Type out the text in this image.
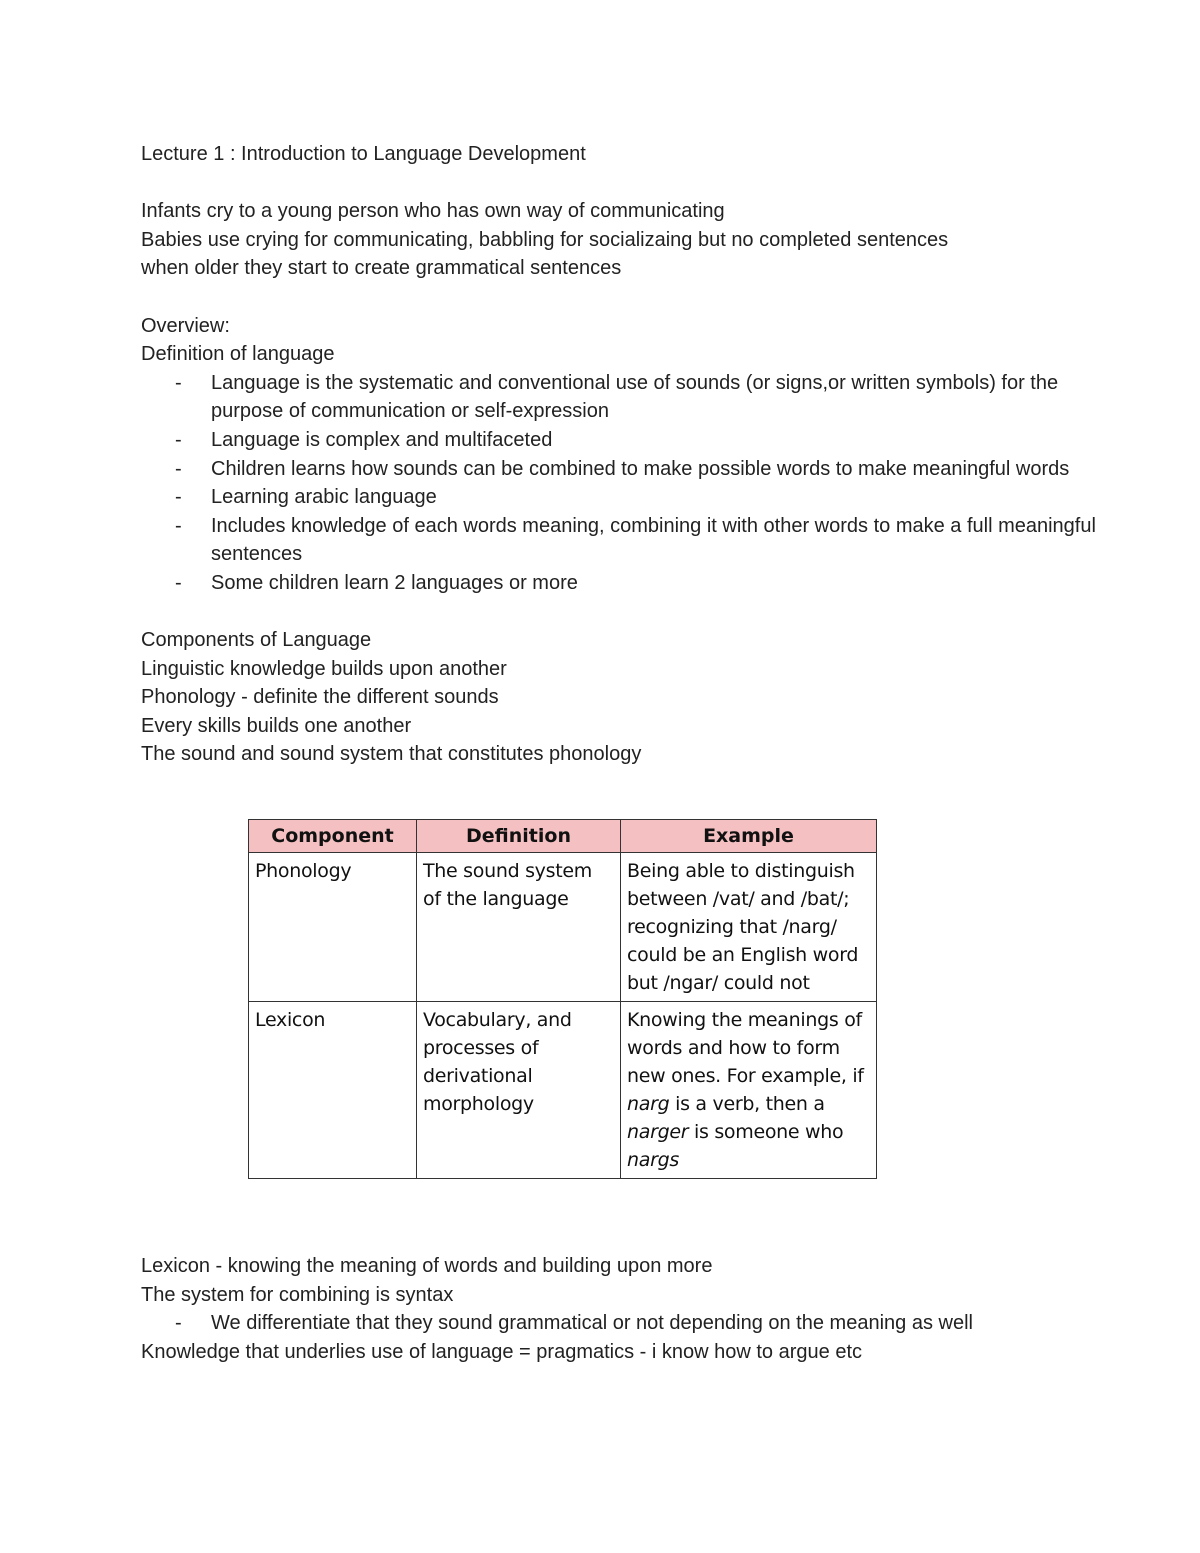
Lecture 1 : Introduction to Language Development

Infants cry to a young person who has own way of communicating

Babies use crying for communicating, babbling for socializaing but no completed sentences

when older they start to create grammatical sentences

Overview:

Definition of language

- Language is the systematic and conventional use of sounds (or signs,or written symbols) for the purpose of communication or self-expression
- Language is complex and multifaceted
- Children learns how sounds can be combined to make possible words to make meaningful words
- Learning arabic language
- Includes knowledge of each words meaning, combining it with other words to make a full meaningful sentences
- Some children learn 2 languages or more

Components of Language

Linguistic knowledge builds upon another

Phonology - definite the different sounds

Every skills builds one another

The sound and sound system that constitutes phonology

Component	Definition	Example
Phonology	The sound system of the language	Being able to distinguish between /vat/ and /bat/; recognizing that /narg/ could be an English word but /ngar/ could not
Lexicon	Vocabulary, and processes of derivational morphology	Knowing the meanings of words and how to form new ones. For example, if narg is a verb, then a narger is someone who nargs

Lexicon - knowing the meaning of words and building upon more

The system for combining is syntax

- We differentiate that they sound grammatical or not depending on the meaning as well

Knowledge that underlies use of language = pragmatics - i know how to argue etc
